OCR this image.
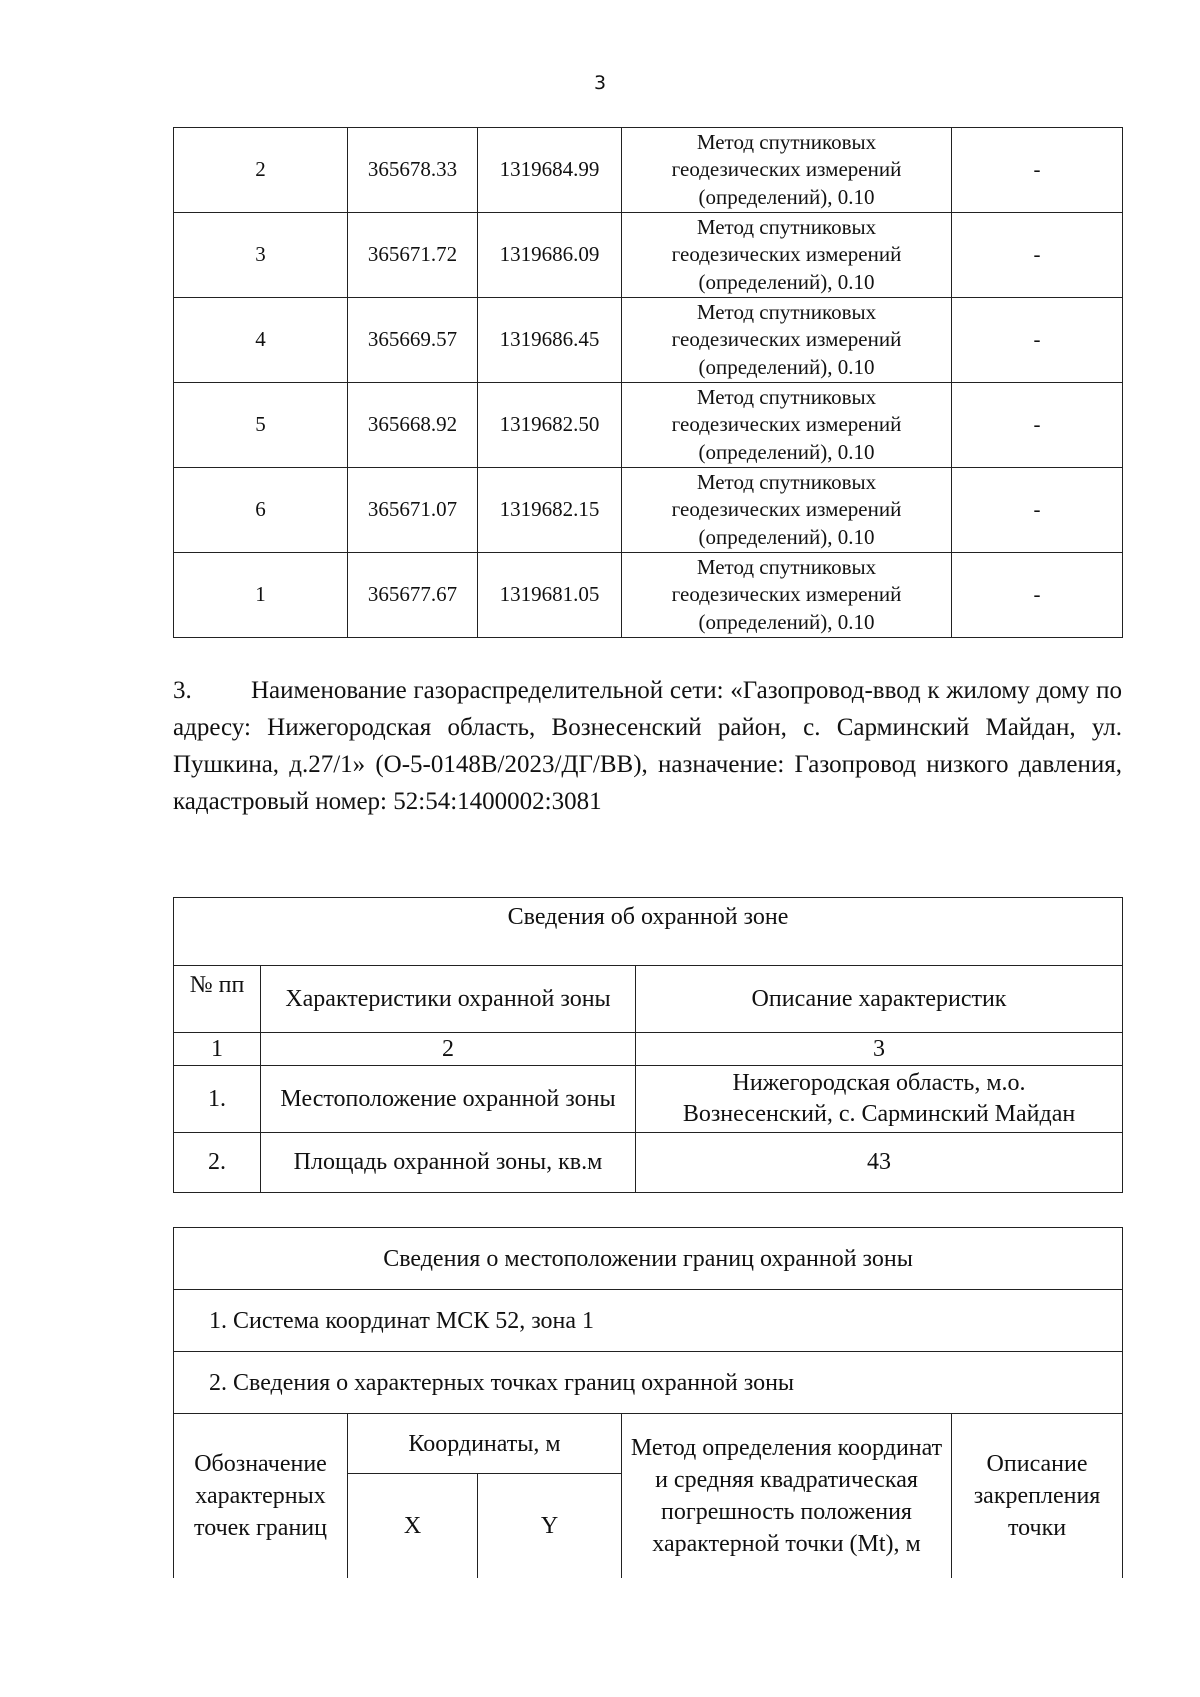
3
2	365678.33	1319684.99	Метод спутниковых
геодезических измерений
(определений), 0.10	-
3	365671.72	1319686.09	Метод спутниковых
геодезических измерений
(определений), 0.10	-
4	365669.57	1319686.45	Метод спутниковых
геодезических измерений
(определений), 0.10	-
5	365668.92	1319682.50	Метод спутниковых
геодезических измерений
(определений), 0.10	-
6	365671.07	1319682.15	Метод спутниковых
геодезических измерений
(определений), 0.10	-
1	365677.67	1319681.05	Метод спутниковых
геодезических измерений
(определений), 0.10	-
3. Наименование газораспределительной сети: «Газопровод-ввод к жилому дому по адресу: Нижегородская область, Вознесенский район, с. Сарминский Майдан, ул. Пушкина, д.27/1» (О-5-0148В/2023/ДГ/ВВ), назначение: Газопровод низкого давления, кадастровый номер: 52:54:1400002:3081
Сведения об охранной зоне		
№ пп	Характеристики охранной зоны	Описание характеристик
1	2	3
1.	Местоположение охранной зоны	Нижегородская область, м.о.
Вознесенский, с. Сарминский Майдан

2.	Площадь охранной зоны, кв.м	43
Сведения о местоположении границ охранной зоны				
1. Система координат МСК 52, зона 1				
2. Сведения о характерных точках границ охранной зоны				
Обозначение характерных точек границ	Координаты, м		Метод определения координат и средняя квадратическая погрешность положения характерной точки (Mt), м	Описание закрепления точки
	X	Y		
